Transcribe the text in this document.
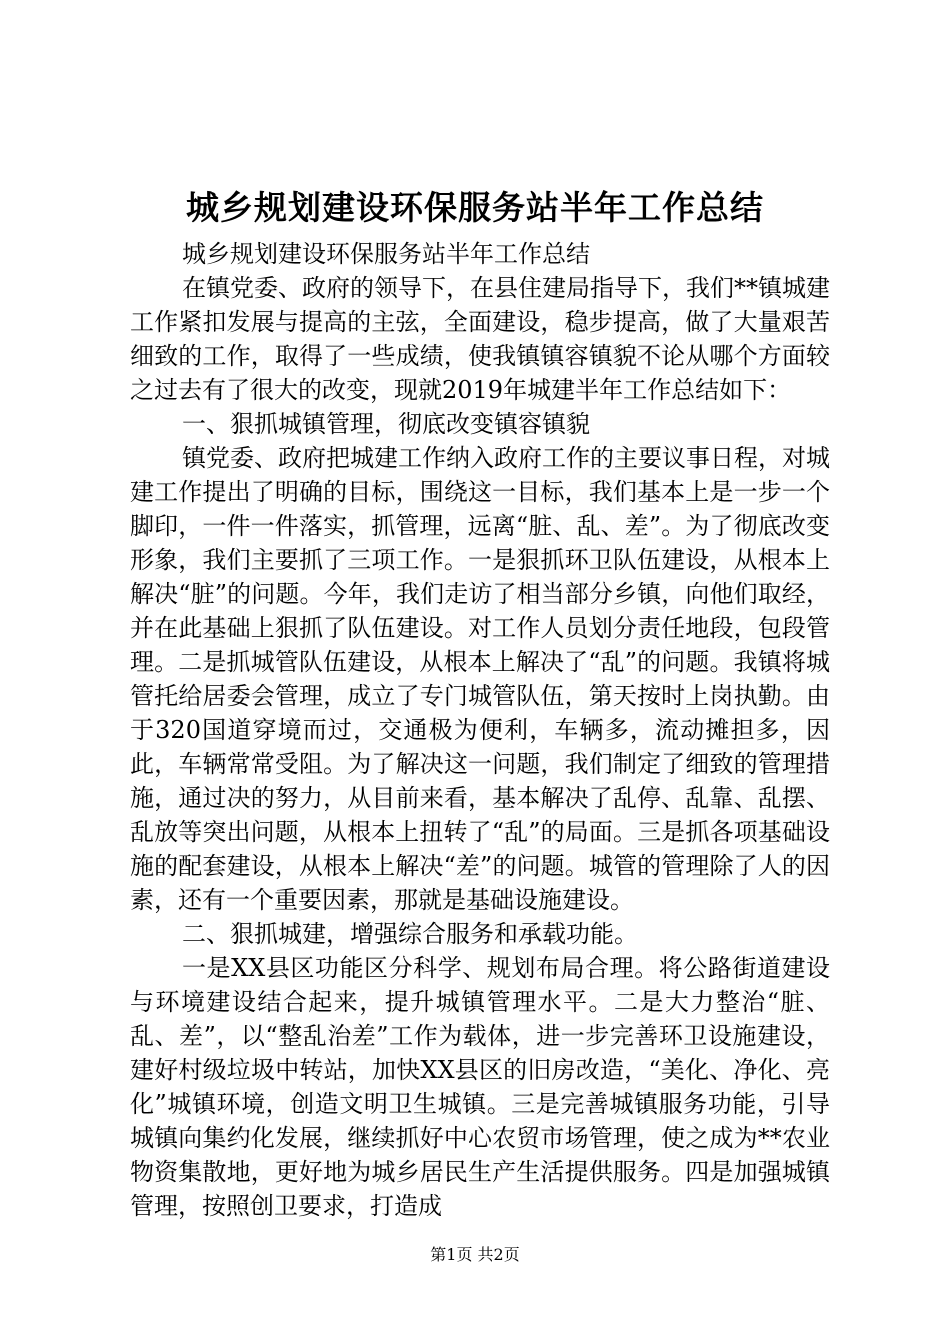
城乡规划建设环保服务站半年工作总结

城乡规划建设环保服务站半年工作总结

在镇党委、政府的领导下，在县住建局指导下，我们**镇城建工作紧扣发展与提高的主弦，全面建设，稳步提高，做了大量艰苦细致的工作，取得了一些成绩，使我镇镇容镇貌不论从哪个方面较之过去有了很大的改变，现就2019年城建半年工作总结如下：

一、狠抓城镇管理，彻底改变镇容镇貌

镇党委、政府把城建工作纳入政府工作的主要议事日程，对城建工作提出了明确的目标，围绕这一目标，我们基本上是一步一个脚印，一件一件落实，抓管理，远离“脏、乱、差”。为了彻底改变形象，我们主要抓了三项工作。一是狠抓环卫队伍建设，从根本上解决“脏”的问题。今年，我们走访了相当部分乡镇，向他们取经，并在此基础上狠抓了队伍建设。对工作人员划分责任地段，包段管理。二是抓城管队伍建设，从根本上解决了“乱”的问题。我镇将城管托给居委会管理，成立了专门城管队伍，第天按时上岗执勤。由于320国道穿境而过，交通极为便利，车辆多，流动摊担多，因此，车辆常常受阻。为了解决这一问题，我们制定了细致的管理措施，通过决的努力，从目前来看，基本解决了乱停、乱靠、乱摆、乱放等突出问题，从根本上扭转了“乱”的局面。三是抓各项基础设施的配套建设，从根本上解决“差”的问题。城管的管理除了人的因素，还有一个重要因素，那就是基础设施建设。

二、狠抓城建，增强综合服务和承载功能。

一是XX县区功能区分科学、规划布局合理。将公路街道建设与环境建设结合起来，提升城镇管理水平。二是大力整治“脏、乱、差”，以“整乱治差”工作为载体，进一步完善环卫设施建设，建好村级垃圾中转站，加快XX县区的旧房改造，“美化、净化、亮化”城镇环境，创造文明卫生城镇。三是完善城镇服务功能，引导城镇向集约化发展，继续抓好中心农贸市场管理，使之成为**农业物资集散地，更好地为城乡居民生产生活提供服务。四是加强城镇管理，按照创卫要求，打造成

第1页 共2页
